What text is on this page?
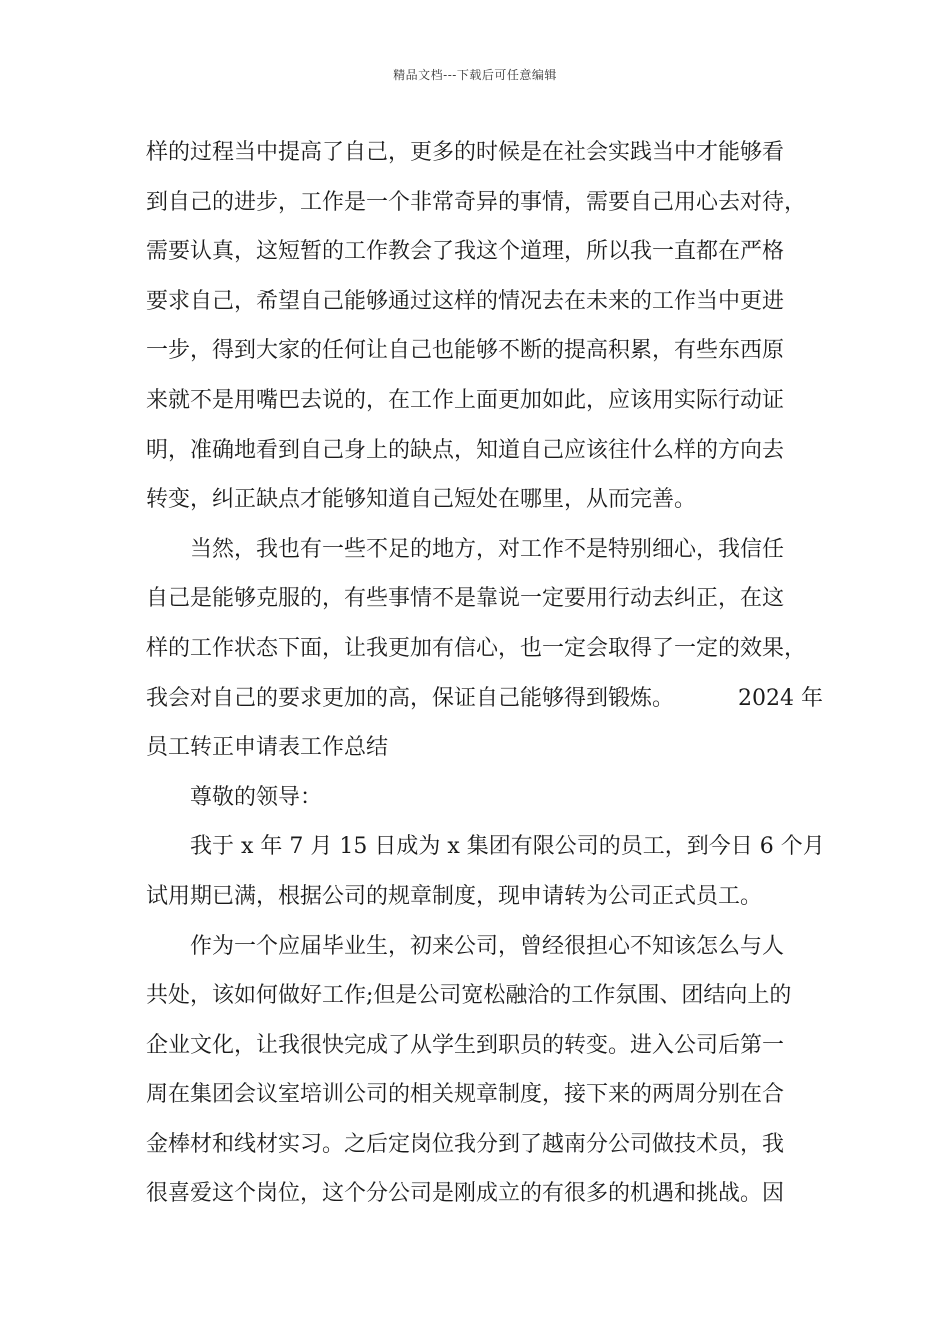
精品文档---下载后可任意编辑
样的过程当中提高了自己，更多的时候是在社会实践当中才能够看
到自己的进步，工作是一个非常奇异的事情，需要自己用心去对待，
需要认真，这短暂的工作教会了我这个道理，所以我一直都在严格
要求自己，希望自己能够通过这样的情况去在未来的工作当中更进
一步，得到大家的任何让自己也能够不断的提高积累，有些东西原
来就不是用嘴巴去说的，在工作上面更加如此，应该用实际行动证
明，准确地看到自己身上的缺点，知道自己应该往什么样的方向去
转变，纠正缺点才能够知道自己短处在哪里，从而完善。
当然，我也有一些不足的地方，对工作不是特别细心，我信任
自己是能够克服的，有些事情不是靠说一定要用行动去纠正，在这
样的工作状态下面，让我更加有信心，也一定会取得了一定的效果，
我会对自己的要求更加的高，保证自己能够得到锻炼。	2024 年
员工转正申请表工作总结
尊敬的领导：
我于 x 年 7 月 15 日成为 x 集团有限公司的员工，到今日 6 个月
试用期已满，根据公司的规章制度，现申请转为公司正式员工。
作为一个应届毕业生，初来公司，曾经很担心不知该怎么与人
共处，该如何做好工作;但是公司宽松融洽的工作氛围、团结向上的
企业文化，让我很快完成了从学生到职员的转变。进入公司后第一
周在集团会议室培训公司的相关规章制度，接下来的两周分别在合
金棒材和线材实习。之后定岗位我分到了越南分公司做技术员，我
很喜爱这个岗位，这个分公司是刚成立的有很多的机遇和挑战。因
